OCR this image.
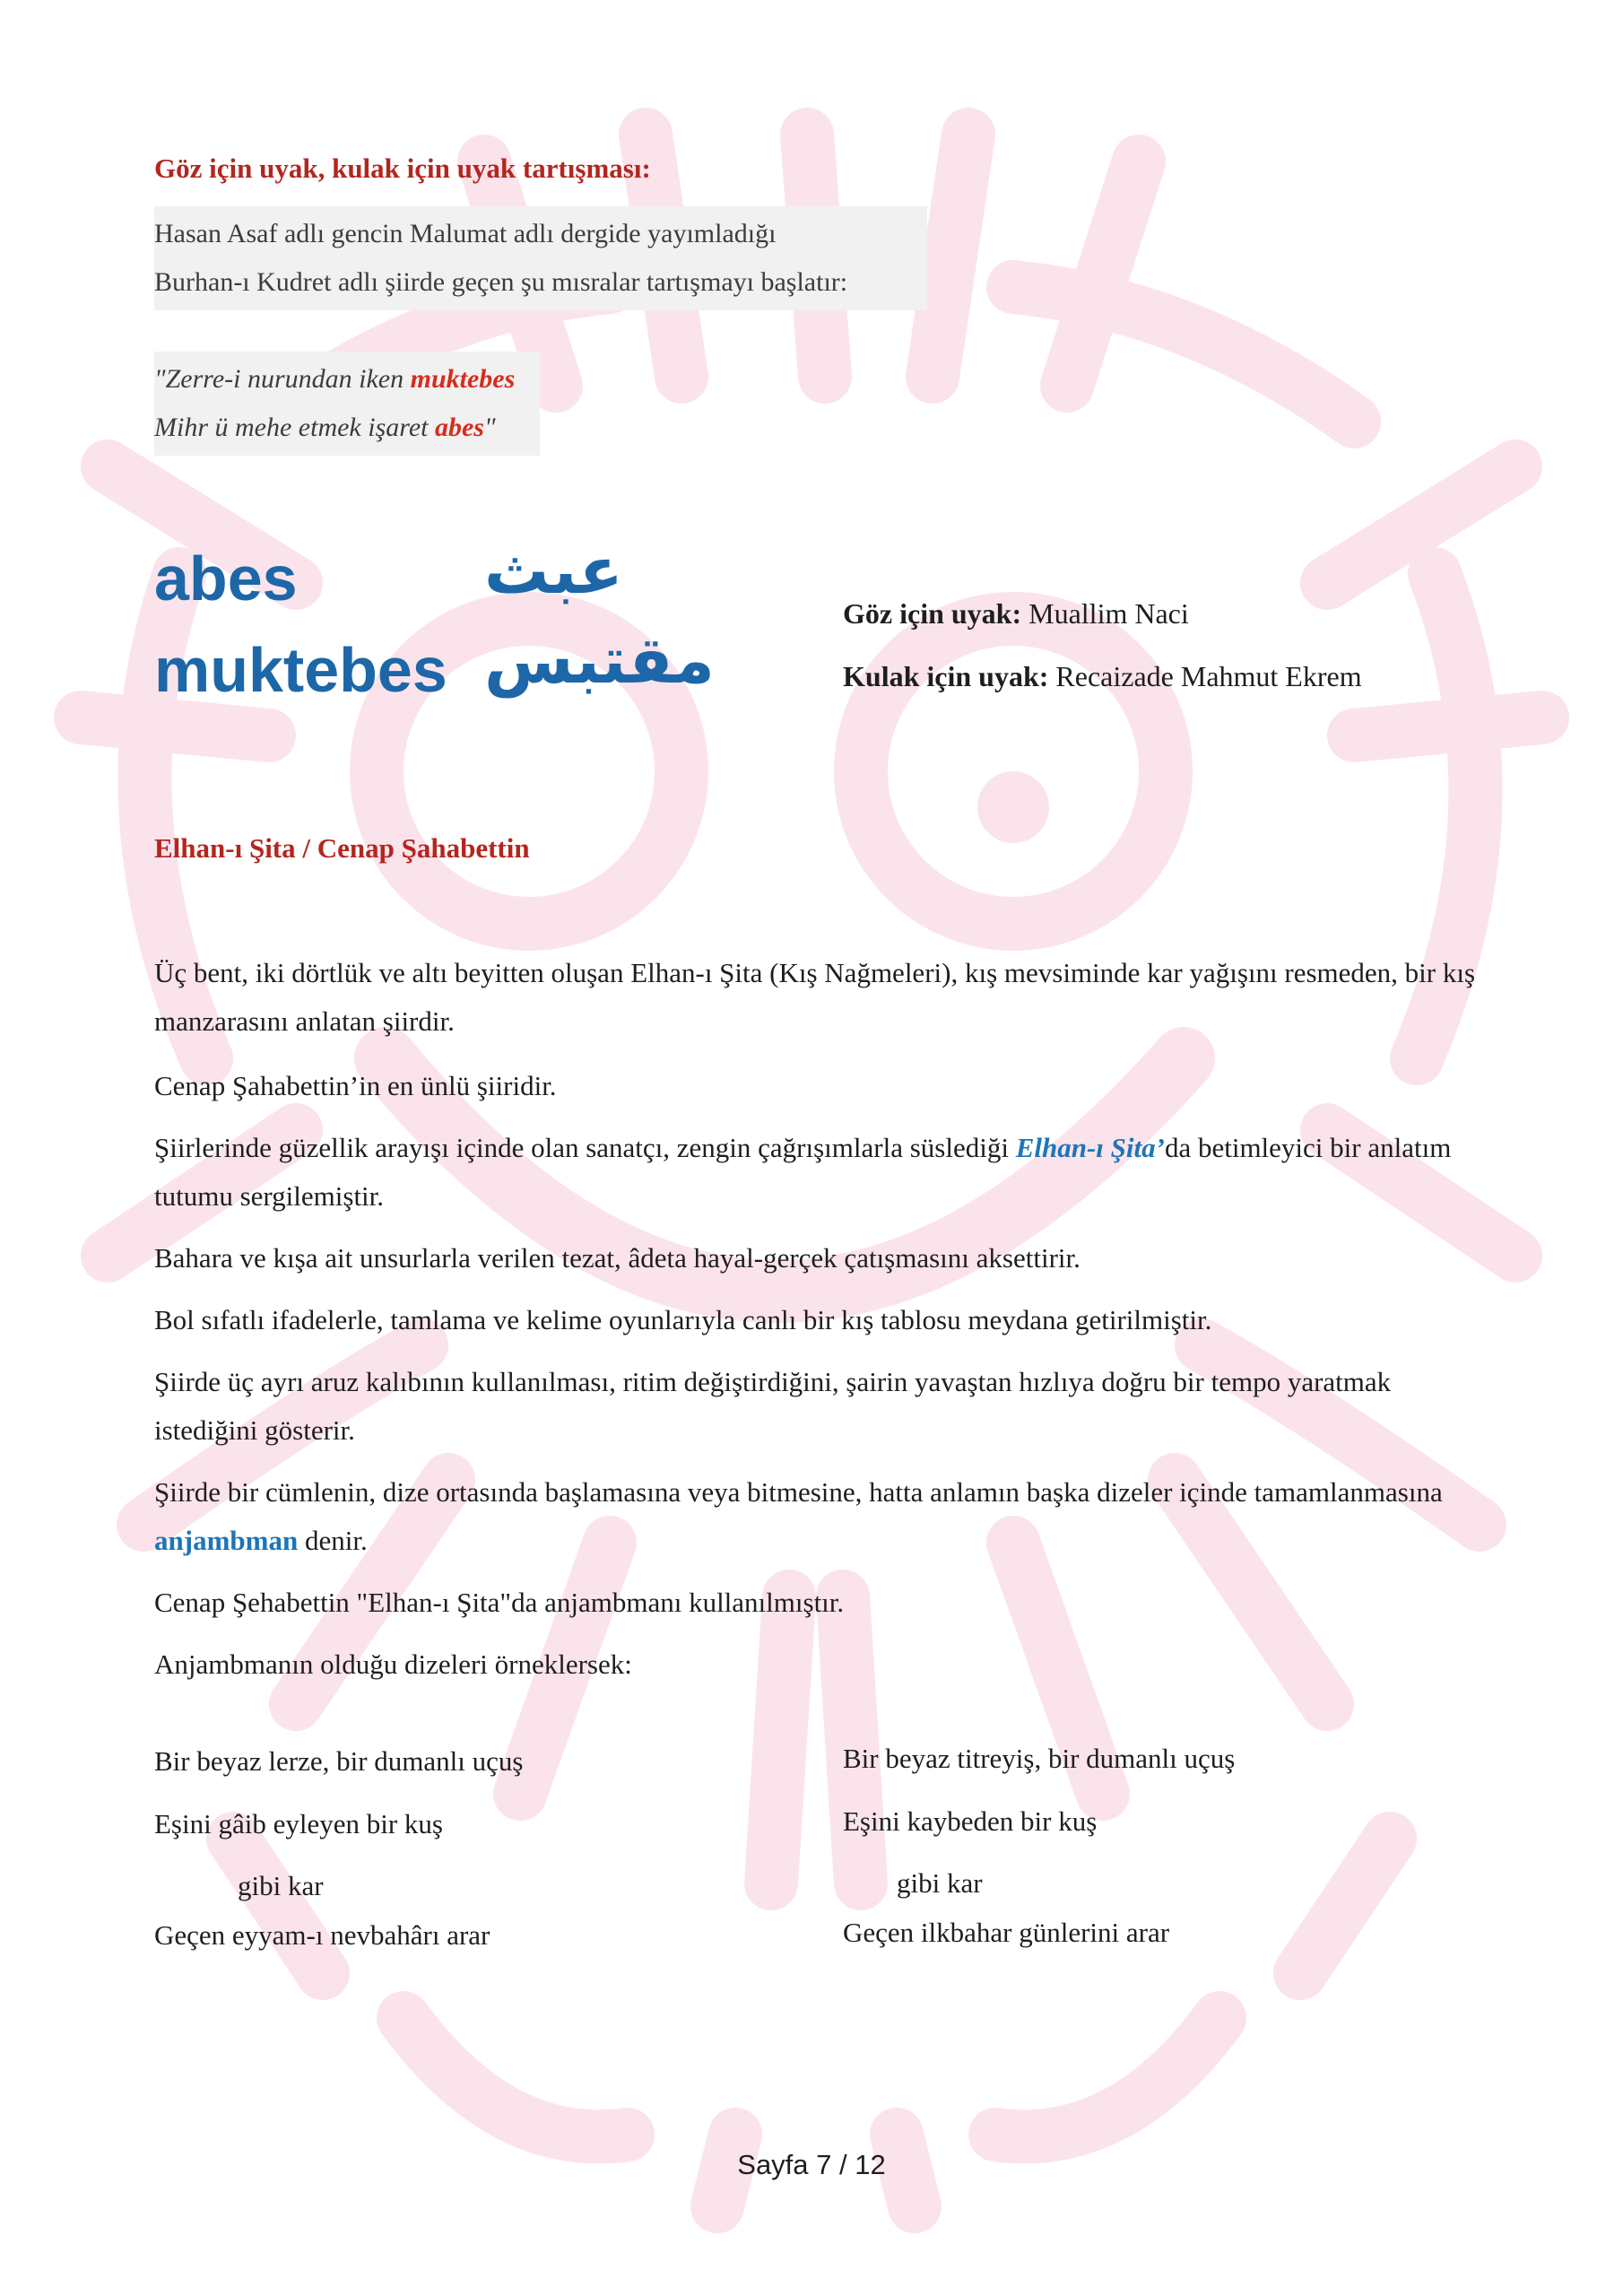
Göz için uyak, kulak için uyak tartışması:
Hasan Asaf adlı gencin Malumat adlı dergide yayımladığı
Burhan-ı Kudret adlı şiirde geçen şu mısralar tartışmayı başlatır:
"Zerre-i nurundan iken muktebes
Mihr ü mehe etmek işaret abes"
abes	عبث
muktebes مقتبس
Göz için uyak: Muallim Naci
Kulak için uyak: Recaizade Mahmut Ekrem
Elhan-ı Şita / Cenap Şahabettin
Üç bent, iki dörtlük ve altı beyitten oluşan Elhan-ı Şita (Kış Nağmeleri), kış mevsiminde kar yağışını resmeden, bir kış manzarasını anlatan şiirdir.
Cenap Şahabettin’in en ünlü şiiridir.
Şiirlerinde güzellik arayışı içinde olan sanatçı, zengin çağrışımlarla süslediği Elhan-ı Şita’da betimleyici bir anlatım tutumu sergilemiştir.
Bahara ve kışa ait unsurlarla verilen tezat, âdeta hayal-gerçek çatışmasını aksettirir.
Bol sıfatlı ifadelerle, tamlama ve kelime oyunlarıyla canlı bir kış tablosu meydana getirilmiştir.
Şiirde üç ayrı aruz kalıbının kullanılması, ritim değiştirdiğini, şairin yavaştan hızlıya doğru bir tempo yaratmak istediğini gösterir.
Şiirde bir cümlenin, dize ortasında başlamasına veya bitmesine, hatta anlamın başka dizeler içinde tamamlanmasına anjambman denir.
Cenap Şehabettin "Elhan-ı Şita"da anjambmanı kullanılmıştır.
Anjambmanın olduğu dizeleri örneklersek:
Bir beyaz lerze, bir dumanlı uçuş
Eşini gâib eyleyen bir kuş
gibi kar
Geçen eyyam-ı nevbahârı arar
Bir beyaz titreyiş, bir dumanlı uçuş
Eşini kaybeden bir kuş
gibi kar
Geçen ilkbahar günlerini arar
Sayfa 7 / 12
